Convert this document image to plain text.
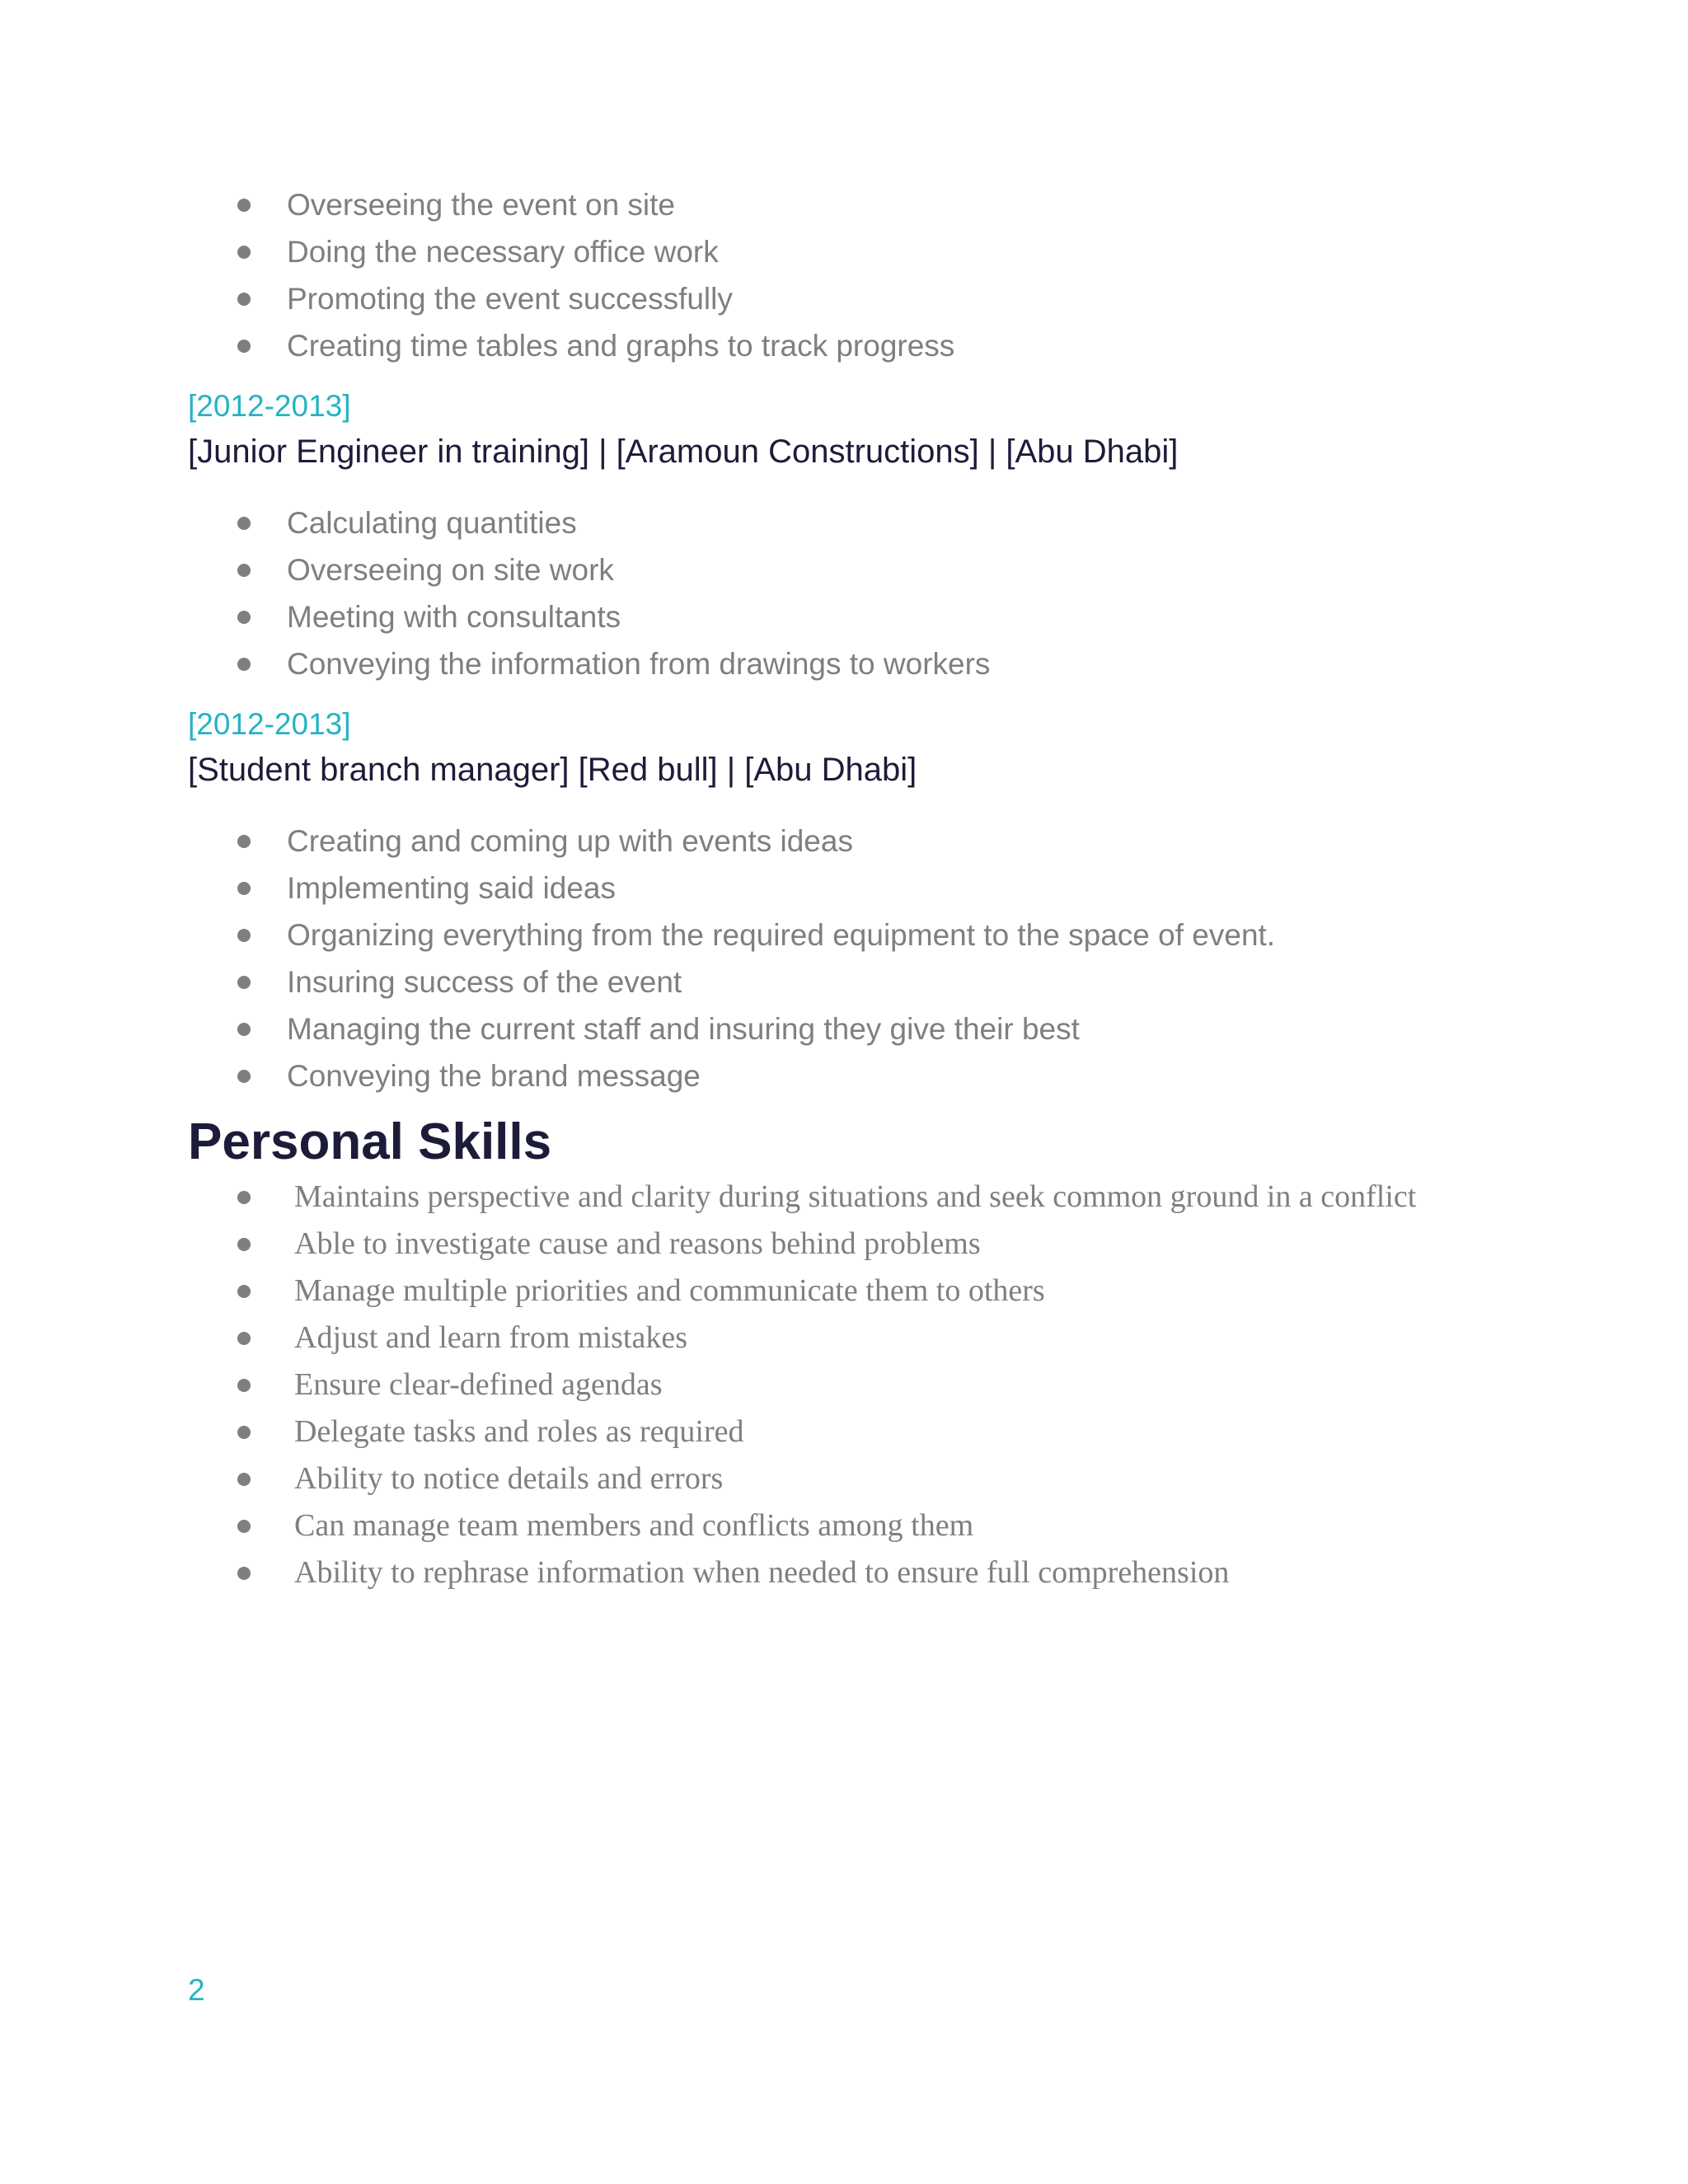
Overseeing the event on site
Doing the necessary office work
Promoting the event successfully
Creating time tables and graphs to track progress
[2012-2013]
[Junior Engineer in training] | [Aramoun Constructions] | [Abu Dhabi]
Calculating quantities
Overseeing on site work
Meeting with consultants
Conveying the information from drawings to workers
[2012-2013]
[Student branch manager] [Red bull] | [Abu Dhabi]
Creating and coming up with events ideas
Implementing said ideas
Organizing everything from the required equipment to the space of event.
Insuring success of the event
Managing the current staff and insuring they give their best
Conveying the brand message
Personal Skills
Maintains perspective and clarity during situations and seek common ground in a conflict
Able to investigate cause and reasons behind problems
Manage multiple priorities and communicate them to others
Adjust and learn from mistakes
Ensure clear-defined agendas
Delegate tasks and roles as required
Ability to notice details and errors
Can manage team members and conflicts among them
Ability to rephrase information when needed to ensure full comprehension
2
